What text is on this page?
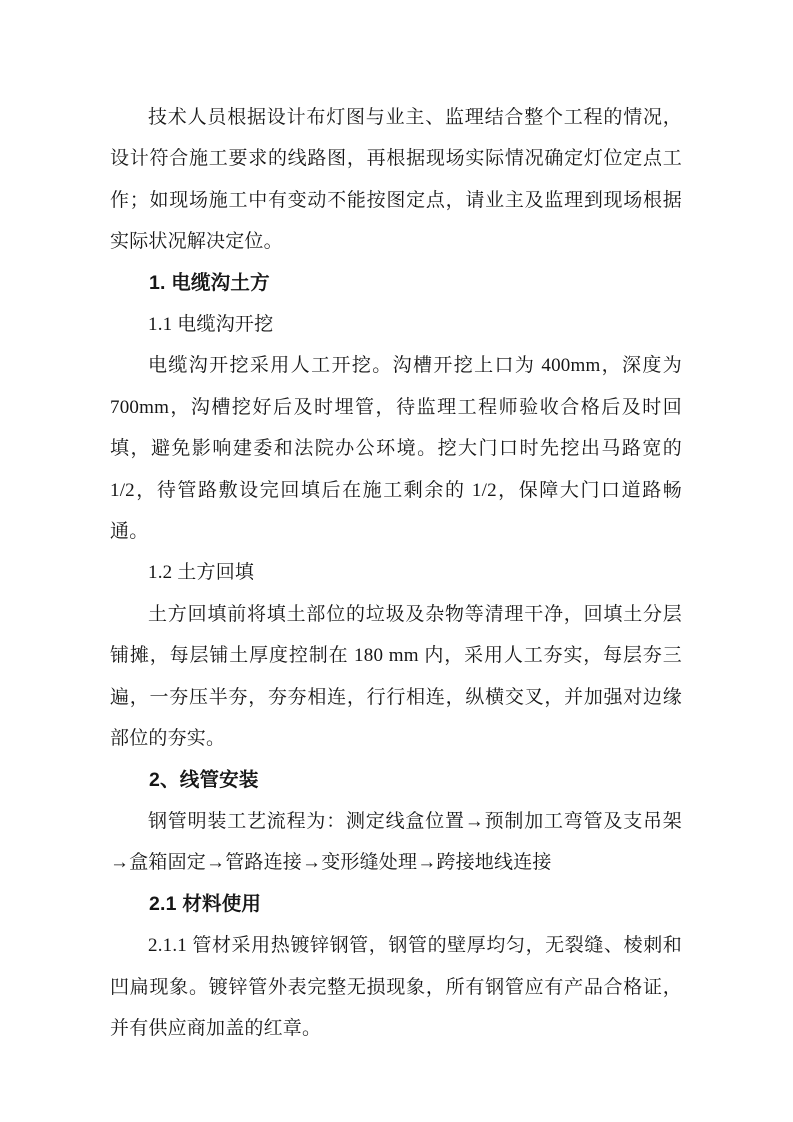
技术人员根据设计布灯图与业主、监理结合整个工程的情况，设计符合施工要求的线路图，再根据现场实际情况确定灯位定点工作；如现场施工中有变动不能按图定点，请业主及监理到现场根据实际状况解决定位。

1. 电缆沟土方

1.1 电缆沟开挖

电缆沟开挖采用人工开挖。沟槽开挖上口为 400mm，深度为 700mm，沟槽挖好后及时埋管，待监理工程师验收合格后及时回填，避免影响建委和法院办公环境。挖大门口时先挖出马路宽的 1/2，待管路敷设完回填后在施工剩余的 1/2，保障大门口道路畅通。

1.2 土方回填

土方回填前将填土部位的垃圾及杂物等清理干净，回填土分层铺摊，每层铺土厚度控制在 180 mm 内，采用人工夯实，每层夯三遍，一夯压半夯，夯夯相连，行行相连，纵横交叉，并加强对边缘部位的夯实。

2、线管安装

钢管明装工艺流程为：测定线盒位置→预制加工弯管及支吊架→盒箱固定→管路连接→变形缝处理→跨接地线连接

2.1 材料使用

2.1.1 管材采用热镀锌钢管，钢管的壁厚均匀，无裂缝、棱刺和凹扁现象。镀锌管外表完整无损现象，所有钢管应有产品合格证，并有供应商加盖的红章。
